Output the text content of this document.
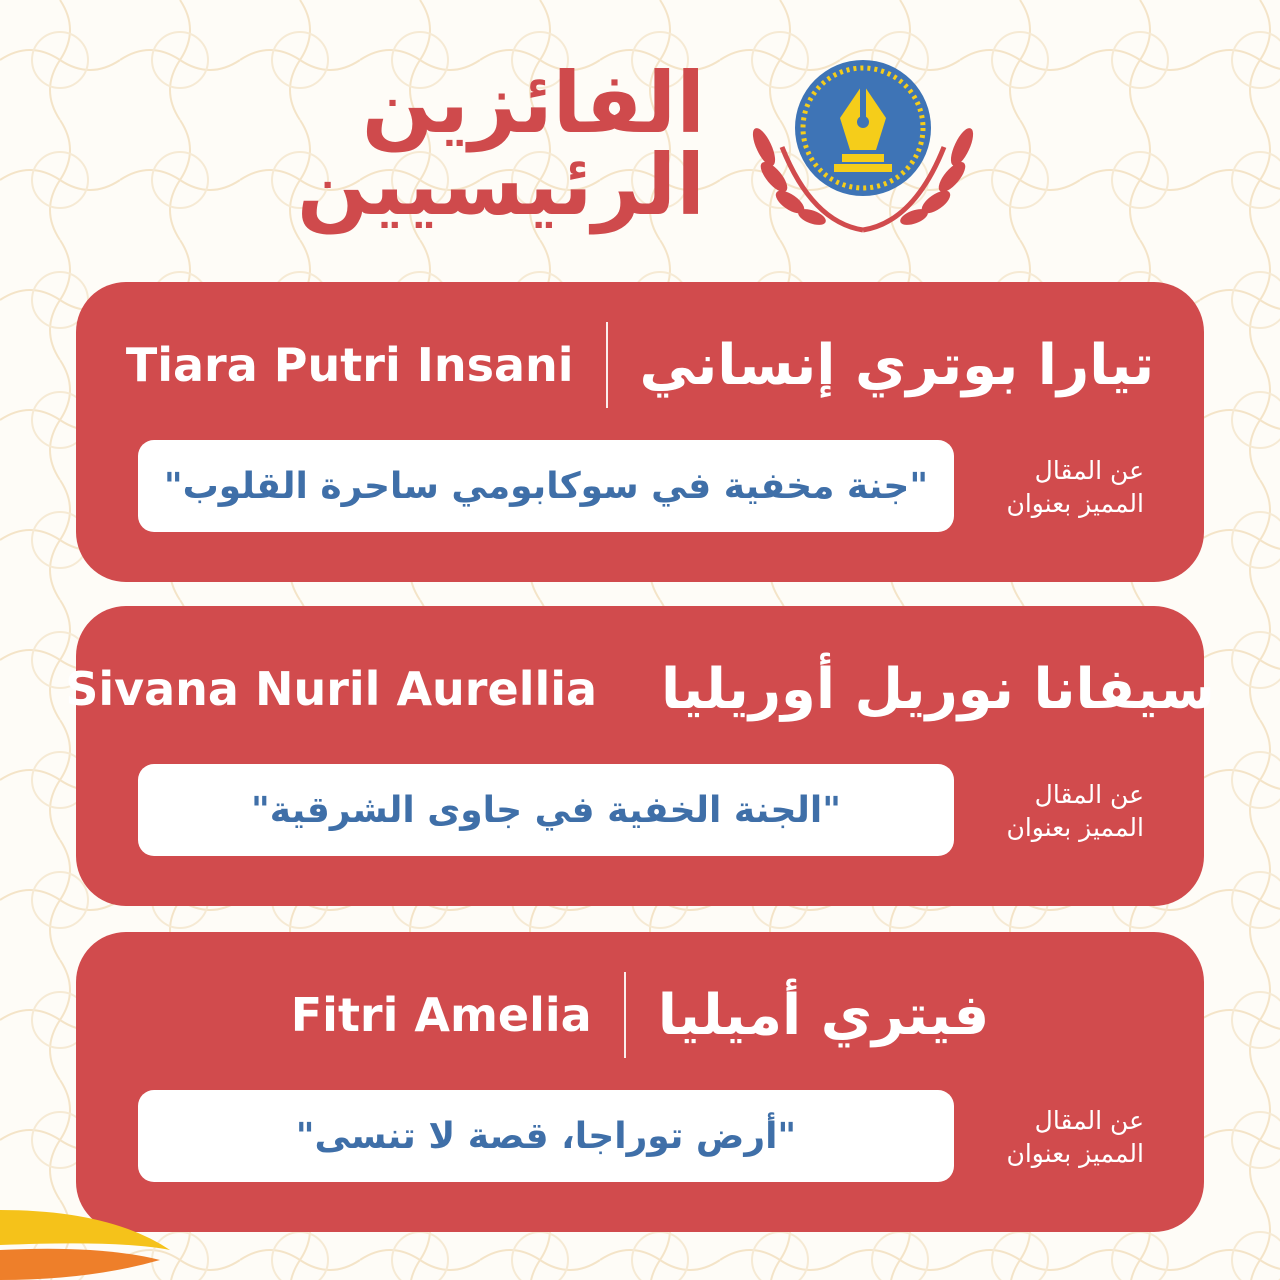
الفائزين
الرئيسيين
Tiara Putri Insani تيارا بوتري إنساني
"جنة مخفية في سوكابومي ساحرة القلوب"	عن المقال
المميز بعنوان
Sivana Nuril Aurellia سيفانا نوريل أوريليا
"الجنة الخفية في جاوى الشرقية"	عن المقال
المميز بعنوان
Fitri Amelia فيتري أميليا
"أرض توراجا، قصة لا تنسى"	عن المقال
المميز بعنوان
